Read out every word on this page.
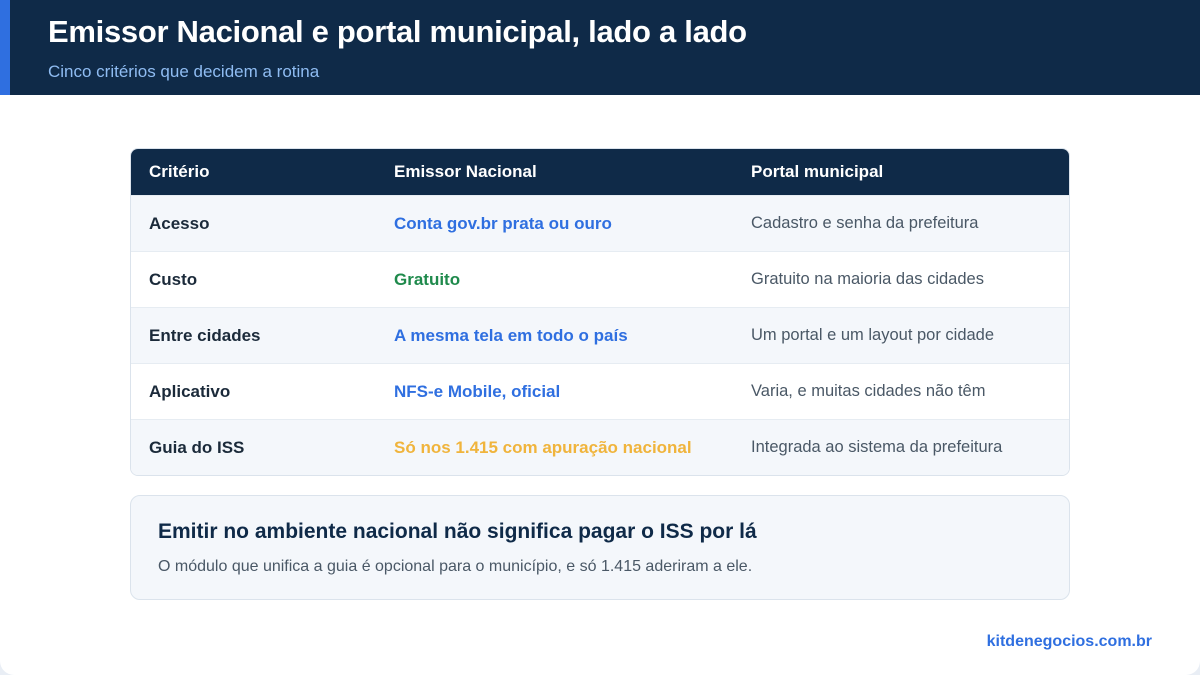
Emissor Nacional e portal municipal, lado a lado
Cinco critérios que decidem a rotina
Critério	Emissor Nacional	Portal municipal
Acesso	Conta gov.br prata ou ouro	Cadastro e senha da prefeitura
Custo	Gratuito	Gratuito na maioria das cidades
Entre cidades	A mesma tela em todo o país	Um portal e um layout por cidade
Aplicativo	NFS-e Mobile, oficial	Varia, e muitas cidades não têm
Guia do ISS	Só nos 1.415 com apuração nacional	Integrada ao sistema da prefeitura
Emitir no ambiente nacional não significa pagar o ISS por lá
O módulo que unifica a guia é opcional para o município, e só 1.415 aderiram a ele.
kitdenegocios.com.br
